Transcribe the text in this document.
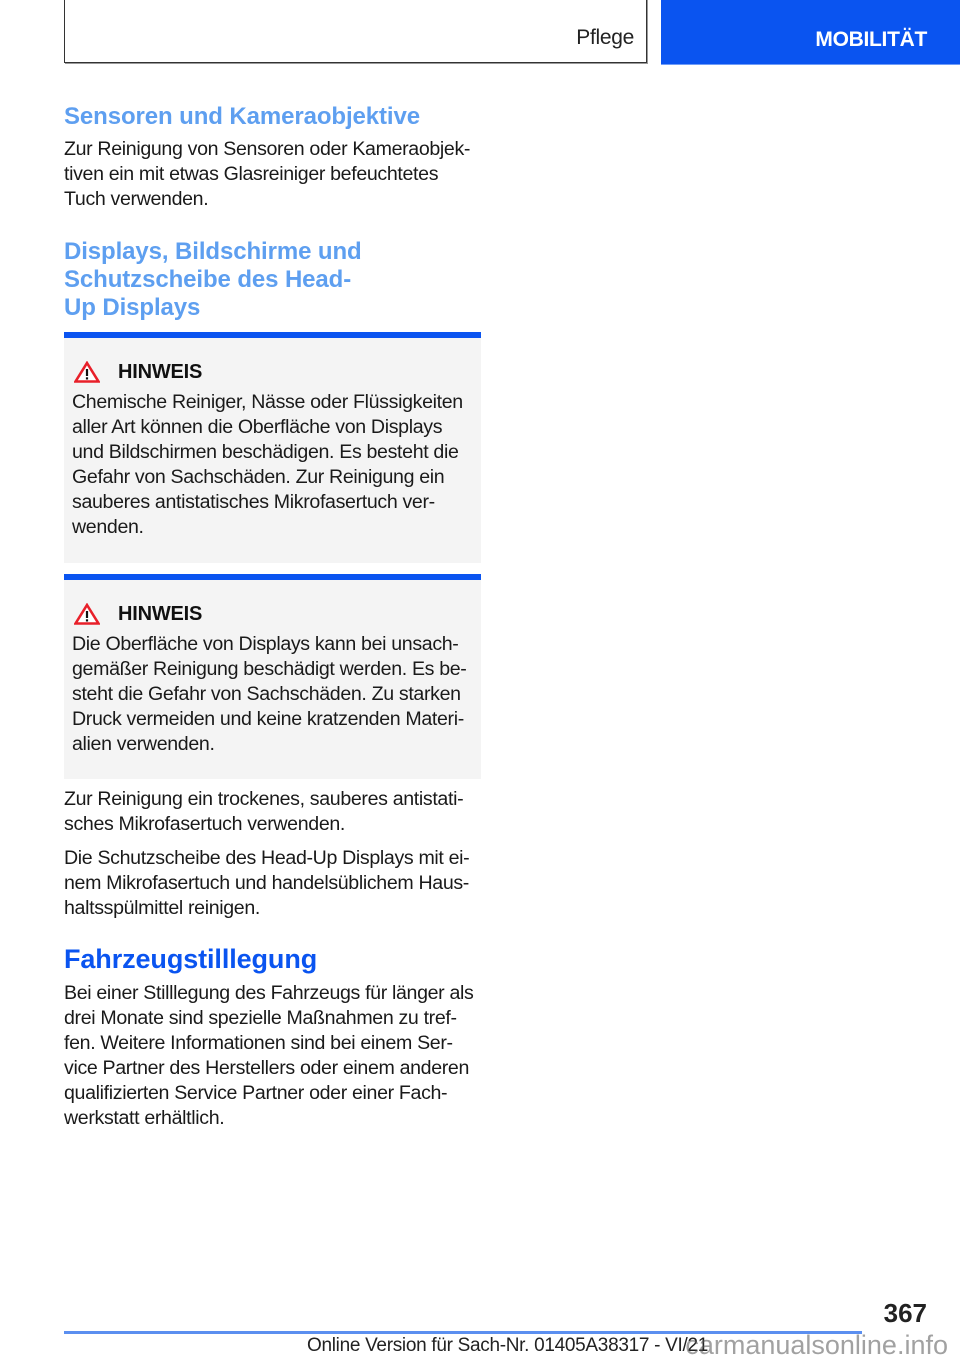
Pflege	MOBILITÄT
Sensoren und Kameraobjektive

Zur Reinigung von Sensoren oder Kameraobjek-

tiven ein mit etwas Glasreiniger befeuchtetes

Tuch verwenden.

Displays, Bildschirme und
Schutzscheibe des Head-
Up Displays
HINWEIS

Chemische Reiniger, Nässe oder Flüssigkeiten

aller Art können die Oberfläche von Displays

und Bildschirmen beschädigen. Es besteht die

Gefahr von Sachschäden. Zur Reinigung ein

sauberes antistatisches Mikrofasertuch ver-

wenden.

HINWEIS

Die Oberfläche von Displays kann bei unsach-

gemäßer Reinigung beschädigt werden. Es be-

steht die Gefahr von Sachschäden. Zu starken

Druck vermeiden und keine kratzenden Materi-

alien verwenden.

Zur Reinigung ein trockenes, sauberes antistati-

sches Mikrofasertuch verwenden.

Die Schutzscheibe des Head-Up Displays mit ei-

nem Mikrofasertuch und handelsüblichem Haus-

haltsspülmittel reinigen.

Fahrzeugstilllegung

Bei einer Stilllegung des Fahrzeugs für länger als

drei Monate sind spezielle Maßnahmen zu tref-

fen. Weitere Informationen sind bei einem Ser-

vice Partner des Herstellers oder einem anderen

qualifizierten Service Partner oder einer Fach-

werkstatt erhältlich.

367
Online Version für Sach-Nr. 01405A38317 - VI/21
carmanualsonline.info
